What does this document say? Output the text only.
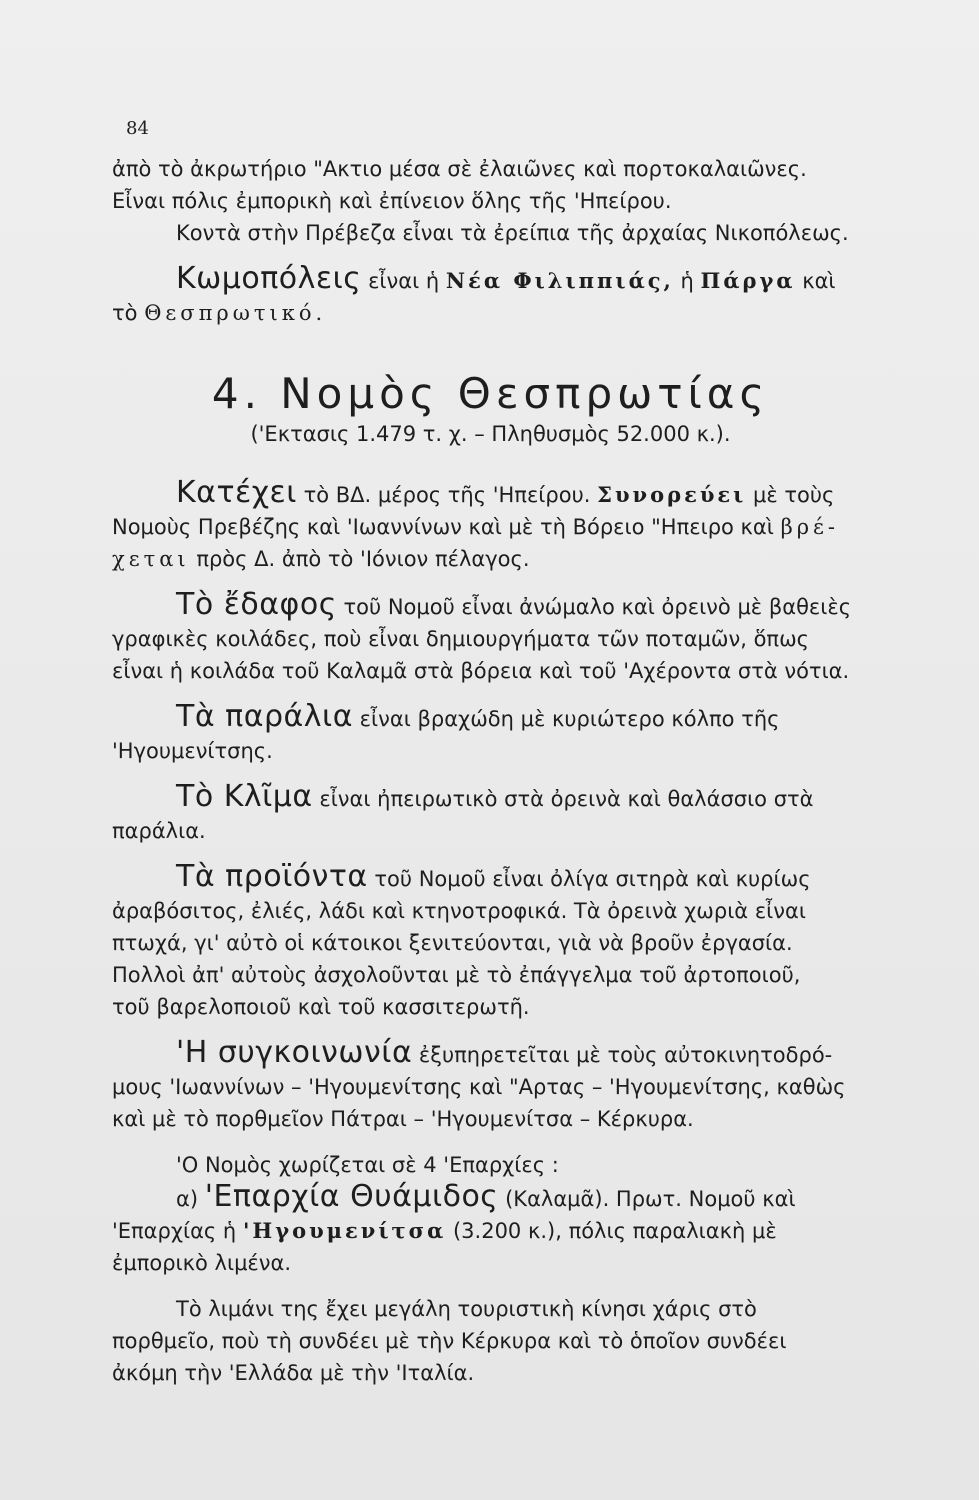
84
ἀπὸ τὸ ἀκρωτήριο "Ακτιο μέσα σὲ ἐλαιῶνες καὶ πορτοκαλαιῶνες.
Εἶναι πόλις ἐμπορικὴ καὶ ἐπίνειον ὅλης τῆς 'Ηπείρου.
Κοντὰ στὴν Πρέβεζα εἶναι τὰ ἐρείπια τῆς ἀρχαίας Νικοπόλεως.
Κωμοπόλεις εἶναι ἡ Νέα Φιλιππιάς, ἡ Πάργα καὶ
τὸ Θεσπρωτικό.
4. Νομὸς Θεσπρωτίας
('Εκτασις 1.479 τ. χ. – Πληθυσμὸς 52.000 κ.).
Κατέχει τὸ ΒΔ. μέρος τῆς 'Ηπείρου. Συνορεύει μὲ τοὺς
Νομοὺς Πρεβέζης καὶ 'Ιωαννίνων καὶ μὲ τὴ Βόρειο "Ηπειρο καὶ βρέ-
χεται πρὸς Δ. ἀπὸ τὸ 'Ιόνιον πέλαγος.
Τὸ ἔδαφος τοῦ Νομοῦ εἶναι ἀνώμαλο καὶ ὀρεινὸ μὲ βαθειὲς
γραφικὲς κοιλάδες, ποὺ εἶναι δημιουργήματα τῶν ποταμῶν, ὅπως
εἶναι ἡ κοιλάδα τοῦ Καλαμᾶ στὰ βόρεια καὶ τοῦ 'Αχέροντα στὰ νότια.
Τὰ παράλια εἶναι βραχώδη μὲ κυριώτερο κόλπο τῆς
'Ηγουμενίτσης.
Τὸ Κλῖμα εἶναι ἠπειρωτικὸ στὰ ὀρεινὰ καὶ θαλάσσιο στὰ
παράλια.
Τὰ προϊόντα τοῦ Νομοῦ εἶναι ὀλίγα σιτηρὰ καὶ κυρίως
ἀραβόσιτος, ἐλιές, λάδι καὶ κτηνοτροφικά. Τὰ ὀρεινὰ χωριὰ εἶναι
πτωχά, γι' αὐτὸ οἱ κάτοικοι ξενιτεύονται, γιὰ νὰ βροῦν ἐργασία.
Πολλοὶ ἀπ' αὐτοὺς ἀσχολοῦνται μὲ τὸ ἐπάγγελμα τοῦ ἀρτοποιοῦ,
τοῦ βαρελοποιοῦ καὶ τοῦ κασσιτερωτῆ.
'Η συγκοινωνία ἐξυπηρετεῖται μὲ τοὺς αὐτοκινητοδρό-
μους 'Ιωαννίνων – 'Ηγουμενίτσης καὶ "Αρτας – 'Ηγουμενίτσης, καθὼς
καὶ μὲ τὸ πορθμεῖον Πάτραι – 'Ηγουμενίτσα – Κέρκυρα.
'Ο Νομὸς χωρίζεται σὲ 4 'Επαρχίες :
α) 'Επαρχία Θυάμιδος (Καλαμᾶ). Πρωτ. Νομοῦ καὶ
'Επαρχίας ἡ 'Ηγουμενίτσα (3.200 κ.), πόλις παραλιακὴ μὲ
ἐμπορικὸ λιμένα.
Τὸ λιμάνι της ἔχει μεγάλη τουριστικὴ κίνησι χάρις στὸ
πορθμεῖο, ποὺ τὴ συνδέει μὲ τὴν Κέρκυρα καὶ τὸ ὁποῖον συνδέει
ἀκόμη τὴν 'Ελλάδα μὲ τὴν 'Ιταλία.
